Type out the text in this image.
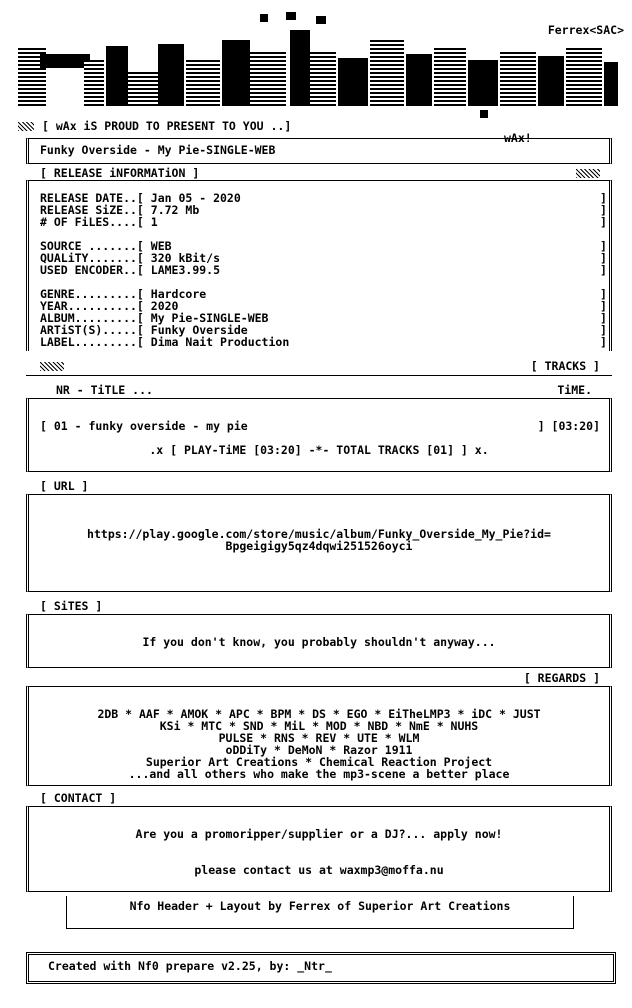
Ferrex<SAC>
[ wAx iS PROUD TO PRESENT TO YOU ..]
wAx!
Funky Overside - My Pie-SINGLE-WEB
[ RELEASE iNFORMATiON ]
RELEASE DATE..[ Jan 05 - 2020
RELEASE SiZE..[ 7.72 Mb
# OF FiLES....[ 1

SOURCE .......[ WEB
QUALiTY.......[ 320 kBit/s
USED ENCODER..[ LAME3.99.5

GENRE.........[ Hardcore
YEAR..........[ 2020
ALBUM.........[ My Pie-SINGLE-WEB
ARTiST(S).....[ Funky Overside
LABEL.........[ Dima Nait Production
]
]
]

]
]
]

]
]
]
]
]
[ TRACKS ]
NR - TiTLE ...	TiME.
[ 01 - funky overside - my pie	] [03:20]
.x [ PLAY-TiME [03:20] -*- TOTAL TRACKS [01] ] x.
[ URL ]
https://play.google.com/store/music/album/Funky_Overside_My_Pie?id=
Bpgeigigy5qz4dqwi251526oyci
[ SiTES ]
If you don't know, you probably shouldn't anyway...
[ REGARDS ]
2DB * AAF * AMOK * APC * BPM * DS * EGO * EiTheLMP3 * iDC * JUST
KSi * MTC * SND * MiL * MOD * NBD * NmE * NUHS
PULSE * RNS * REV * UTE * WLM
oDDiTy * DeMoN * Razor 1911
Superior Art Creations * Chemical Reaction Project
...and all others who make the mp3-scene a better place
[ CONTACT ]
Are you a promoripper/supplier or a DJ?... apply now!
please contact us at waxmp3@moffa.nu
Nfo Header + Layout by Ferrex of Superior Art Creations
Created with Nf0 prepare v2.25, by: _Ntr_
